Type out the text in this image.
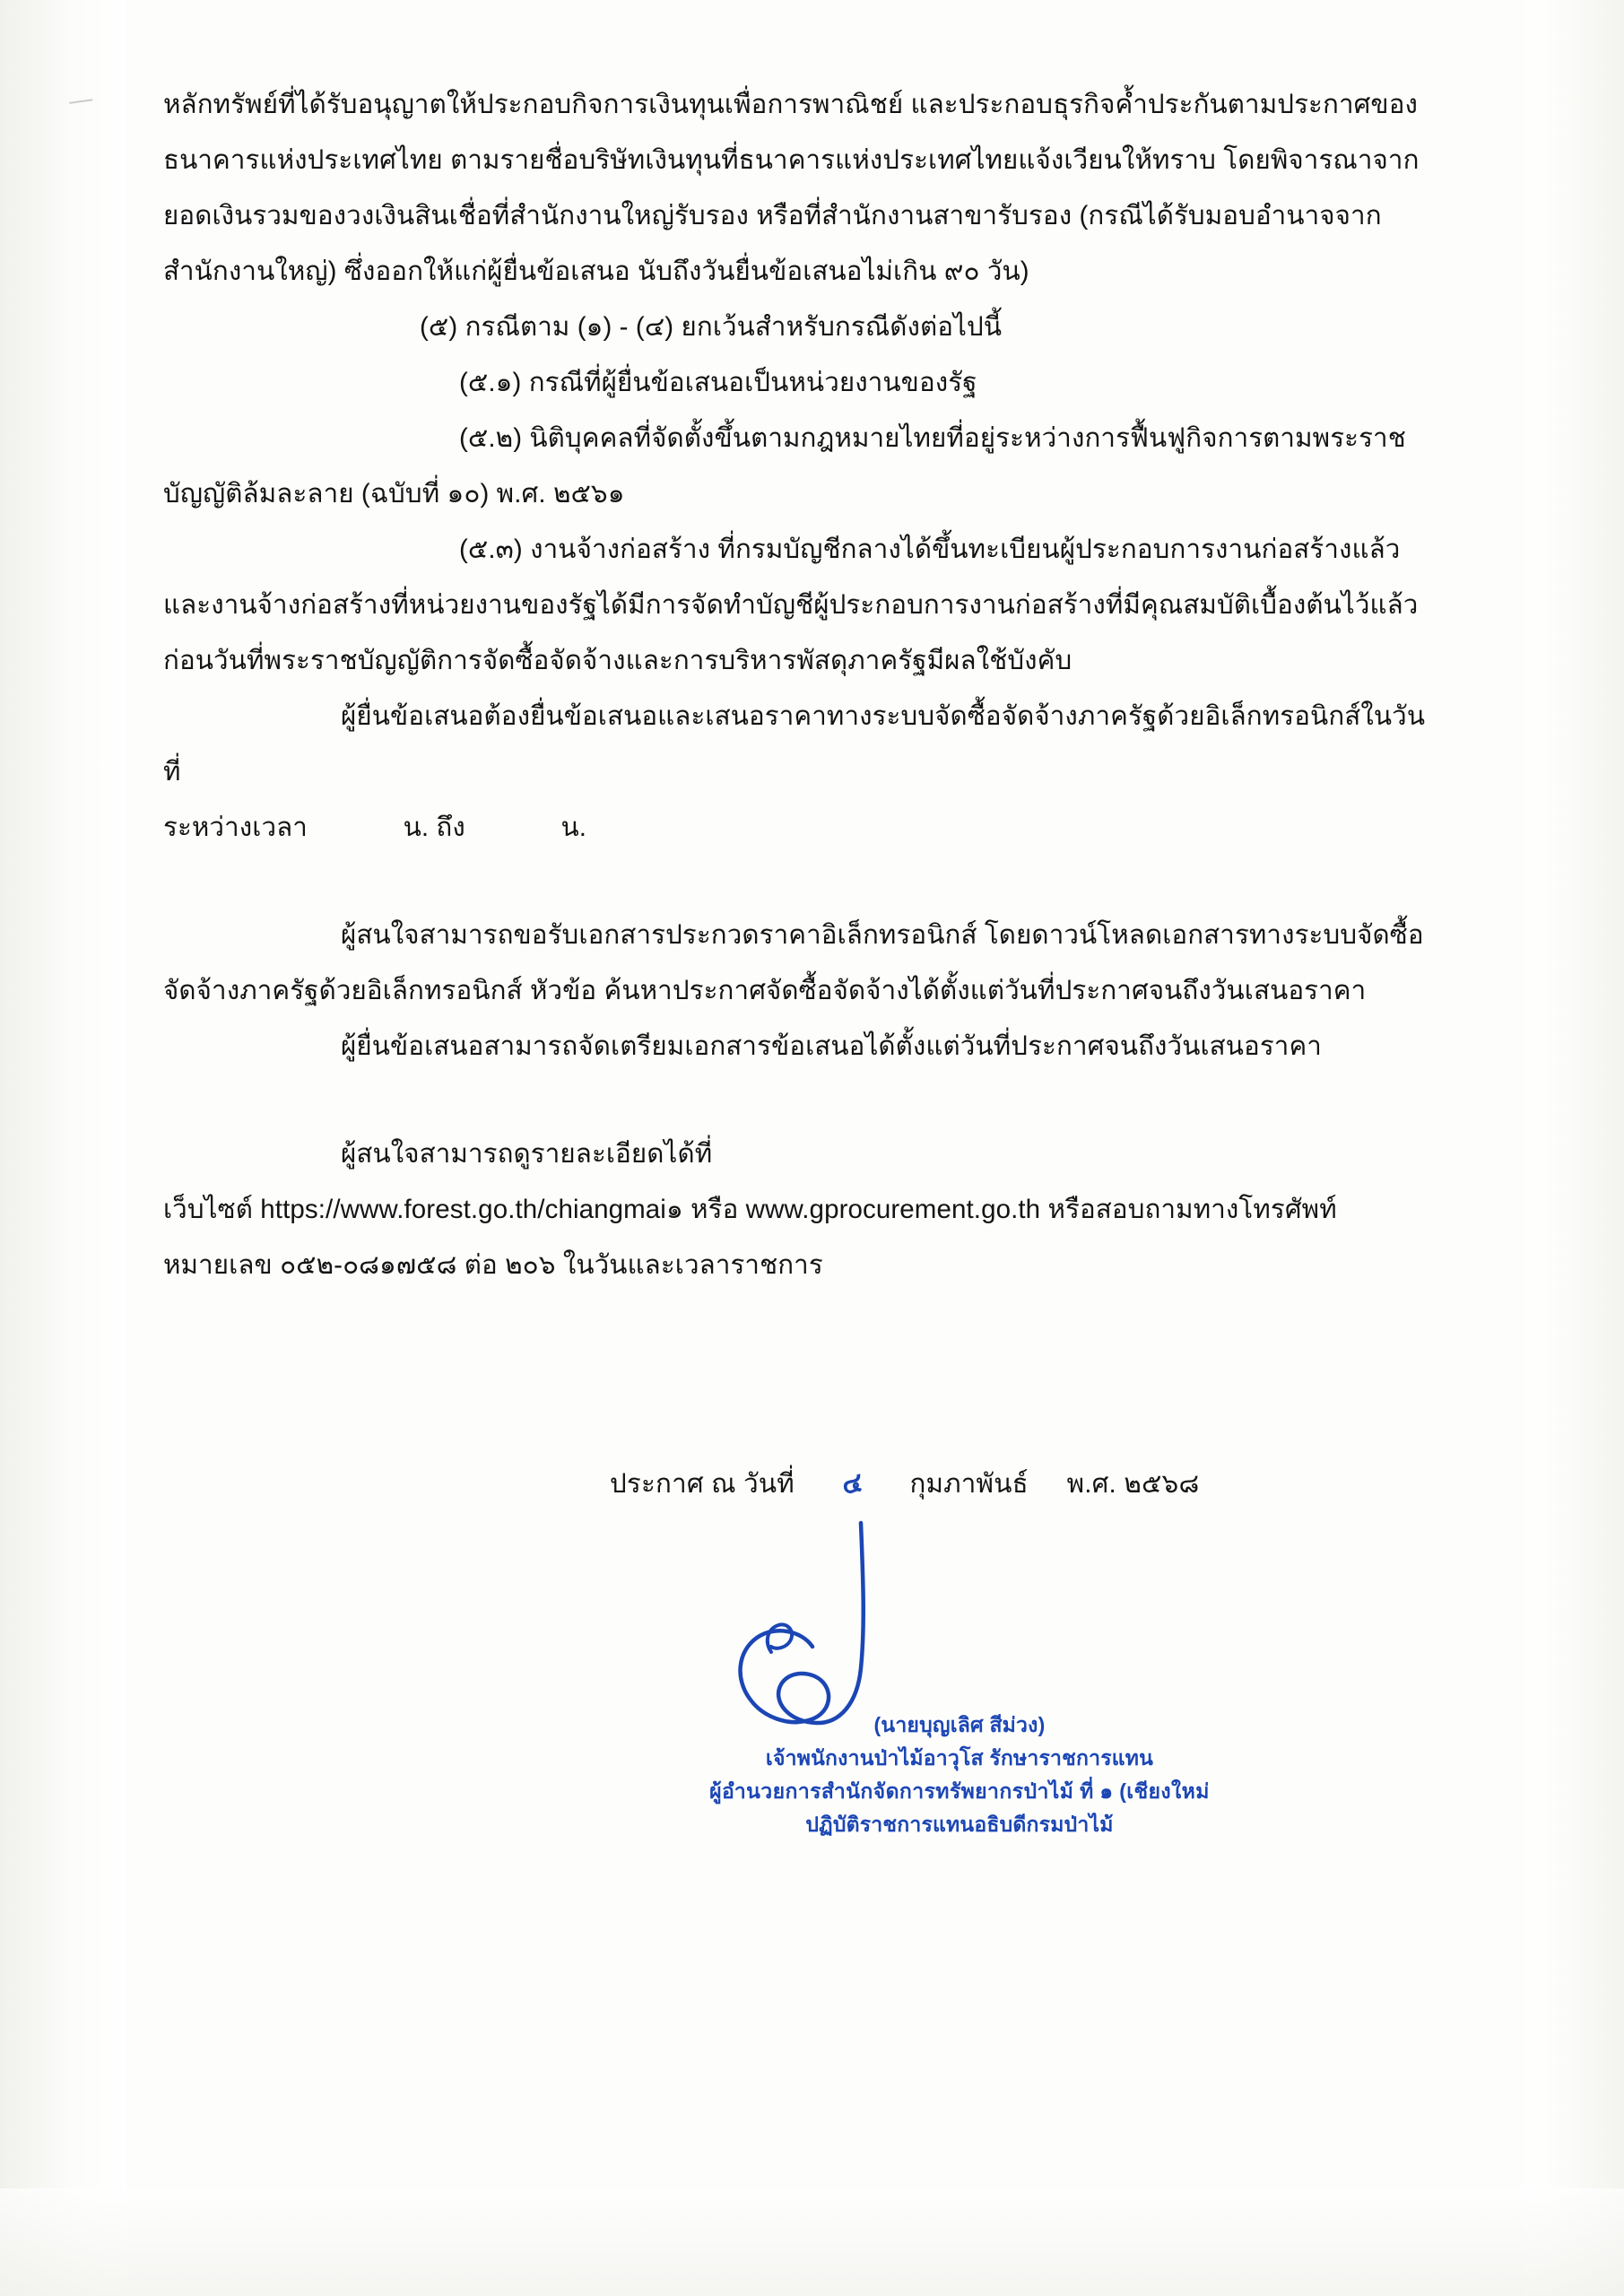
หลักทรัพย์ที่ได้รับอนุญาตให้ประกอบกิจการเงินทุนเพื่อการพาณิชย์ และประกอบธุรกิจค้ำประกันตามประกาศของธนาคารแห่งประเทศไทย ตามรายชื่อบริษัทเงินทุนที่ธนาคารแห่งประเทศไทยแจ้งเวียนให้ทราบ โดยพิจารณาจากยอดเงินรวมของวงเงินสินเชื่อที่สำนักงานใหญ่รับรอง หรือที่สำนักงานสาขารับรอง (กรณีได้รับมอบอำนาจจากสำนักงานใหญ่) ซึ่งออกให้แก่ผู้ยื่นข้อเสนอ นับถึงวันยื่นข้อเสนอไม่เกิน ๙๐ วัน)

(๕) กรณีตาม (๑) - (๔) ยกเว้นสำหรับกรณีดังต่อไปนี้

(๕.๑) กรณีที่ผู้ยื่นข้อเสนอเป็นหน่วยงานของรัฐ

(๕.๒) นิติบุคคลที่จัดตั้งขึ้นตามกฎหมายไทยที่อยู่ระหว่างการฟื้นฟูกิจการตามพระราชบัญญัติล้มละลาย (ฉบับที่ ๑๐) พ.ศ. ๒๕๖๑

(๕.๓) งานจ้างก่อสร้าง ที่กรมบัญชีกลางได้ขึ้นทะเบียนผู้ประกอบการงานก่อสร้างแล้ว และงานจ้างก่อสร้างที่หน่วยงานของรัฐได้มีการจัดทำบัญชีผู้ประกอบการงานก่อสร้างที่มีคุณสมบัติเบื้องต้นไว้แล้ว ก่อนวันที่พระราชบัญญัติการจัดซื้อจัดจ้างและการบริหารพัสดุภาครัฐมีผลใช้บังคับ

ผู้ยื่นข้อเสนอต้องยื่นข้อเสนอและเสนอราคาทางระบบจัดซื้อจัดจ้างภาครัฐด้วยอิเล็กทรอนิกส์ในวันที่

ระหว่างเวลา	น. ถึง	น.

ผู้สนใจสามารถขอรับเอกสารประกวดราคาอิเล็กทรอนิกส์ โดยดาวน์โหลดเอกสารทางระบบจัดซื้อจัดจ้างภาครัฐด้วยอิเล็กทรอนิกส์ หัวข้อ ค้นหาประกาศจัดซื้อจัดจ้างได้ตั้งแต่วันที่ประกาศจนถึงวันเสนอราคา

ผู้ยื่นข้อเสนอสามารถจัดเตรียมเอกสารข้อเสนอได้ตั้งแต่วันที่ประกาศจนถึงวันเสนอราคา

ผู้สนใจสามารถดูรายละเอียดได้ที่

เว็บไซต์ https://www.forest.go.th/chiangmai๑ หรือ www.gprocurement.go.th หรือสอบถามทางโทรศัพท์หมายเลข ๐๕๒-๐๘๑๗๕๘ ต่อ ๒๐๖ ในวันและเวลาราชการ

ประกาศ ณ วันที่ ๔ กุมภาพันธ์ พ.ศ. ๒๕๖๘
(นายบุญเลิศ สีม่วง)
เจ้าพนักงานป่าไม้อาวุโส รักษาราชการแทน
ผู้อำนวยการสำนักจัดการทรัพยากรป่าไม้ ที่ ๑ (เชียงใหม่
ปฏิบัติราชการแทนอธิบดีกรมป่าไม้
